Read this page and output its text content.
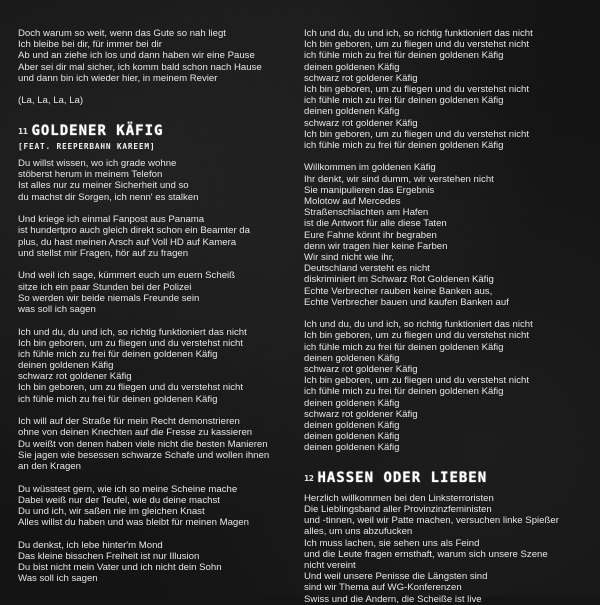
Doch warum so weit, wenn das Gute so nah liegt
Ich bleibe bei dir, für immer bei dir
Ab und an ziehe ich los und dann haben wir eine Pause
Aber sei dir mal sicher, ich komm bald schon nach Hause
und dann bin ich wieder hier, in meinem Revier
(La, La, La, La)
11 GOLDENER KÄFIG
[FEAT. REEPERBAHN KAREEM]
Du willst wissen, wo ich grade wohne
stöberst herum in meinem Telefon
Ist alles nur zu meiner Sicherheit und so
du machst dir Sorgen, ich nenn' es stalken
Und kriege ich einmal Fanpost aus Panama
ist hundertpro auch gleich direkt schon ein Beamter da
plus, du hast meinen Arsch auf Voll HD auf Kamera
und stellst mir Fragen, hör auf zu fragen
Und weil ich sage, kümmert euch um euern Scheiß
sitze ich ein paar Stunden bei der Polizei
So werden wir beide niemals Freunde sein
was soll ich sagen
Ich und du, du und ich, so richtig funktioniert das nicht
Ich bin geboren, um zu fliegen und du verstehst nicht
ich fühle mich zu frei für deinen goldenen Käfig
deinen goldenen Käfig
schwarz rot goldener Käfig
Ich bin geboren, um zu fliegen und du verstehst nicht
ich fühle mich zu frei für deinen goldenen Käfig
Ich will auf der Straße für mein Recht demonstrieren
ohne von deinen Knechten auf die Fresse zu kassieren
Du weißt von denen haben viele nicht die besten Manieren
Sie jagen wie besessen schwarze Schafe und wollen ihnen
an den Kragen
Du wüsstest gern, wie ich so meine Scheine mache
Dabei weiß nur der Teufel, wie du deine machst
Du und ich, wir saßen nie im gleichen Knast
Alles willst du haben und was bleibt für meinen Magen
Du denkst, ich lebe hinter'm Mond
Das kleine bisschen Freiheit ist nur Illusion
Du bist nicht mein Vater und ich nicht dein Sohn
Was soll ich sagen
Ich und du, du und ich, so richtig funktioniert das nicht
Ich bin geboren, um zu fliegen und du verstehst nicht
ich fühle mich zu frei für deinen goldenen Käfig
deinen goldenen Käfig
schwarz rot goldener Käfig
Ich bin geboren, um zu fliegen und du verstehst nicht
ich fühle mich zu frei für deinen goldenen Käfig
deinen goldenen Käfig
schwarz rot goldener Käfig
Ich bin geboren, um zu fliegen und du verstehst nicht
ich fühle mich zu frei für deinen goldenen Käfig
Willkommen im goldenen Käfig
Ihr denkt, wir sind dumm, wir verstehen nicht
Sie manipulieren das Ergebnis
Molotow auf Mercedes
Straßenschlachten am Hafen
ist die Antwort für alle diese Taten
Eure Fahne könnt ihr begraben
denn wir tragen hier keine Farben
Wir sind nicht wie ihr,
Deutschland versteht es nicht
diskriminiert im Schwarz Rot Goldenen Käfig
Echte Verbrecher rauben keine Banken aus,
Echte Verbrecher bauen und kaufen Banken auf
Ich und du, du und ich, so richtig funktioniert das nicht
Ich bin geboren, um zu fliegen und du verstehst nicht
ich fühle mich zu frei für deinen goldenen Käfig
deinen goldenen Käfig
schwarz rot goldener Käfig
Ich bin geboren, um zu fliegen und du verstehst nicht
ich fühle mich zu frei für deinen goldenen Käfig
deinen goldenen Käfig
schwarz rot goldener Käfig
deinen goldenen Käfig
deinen goldenen Käfig
deinen goldenen Käfig
12 HASSEN ODER LIEBEN
Herzlich willkommen bei den Linksterroristen
Die Lieblingsband aller Provinzinzfeministen
und -tinnen, weil wir Patte machen, versuchen linke Spießer
alles, um uns abzufucken
Ich muss lachen, sie sehen uns als Feind
und die Leute fragen ernsthaft, warum sich unsere Szene
nicht vereint
Und weil unsere Penisse die Längsten sind
sind wir Thema auf WG-Konferenzen
Swiss und die Andern, die Scheiße ist live
